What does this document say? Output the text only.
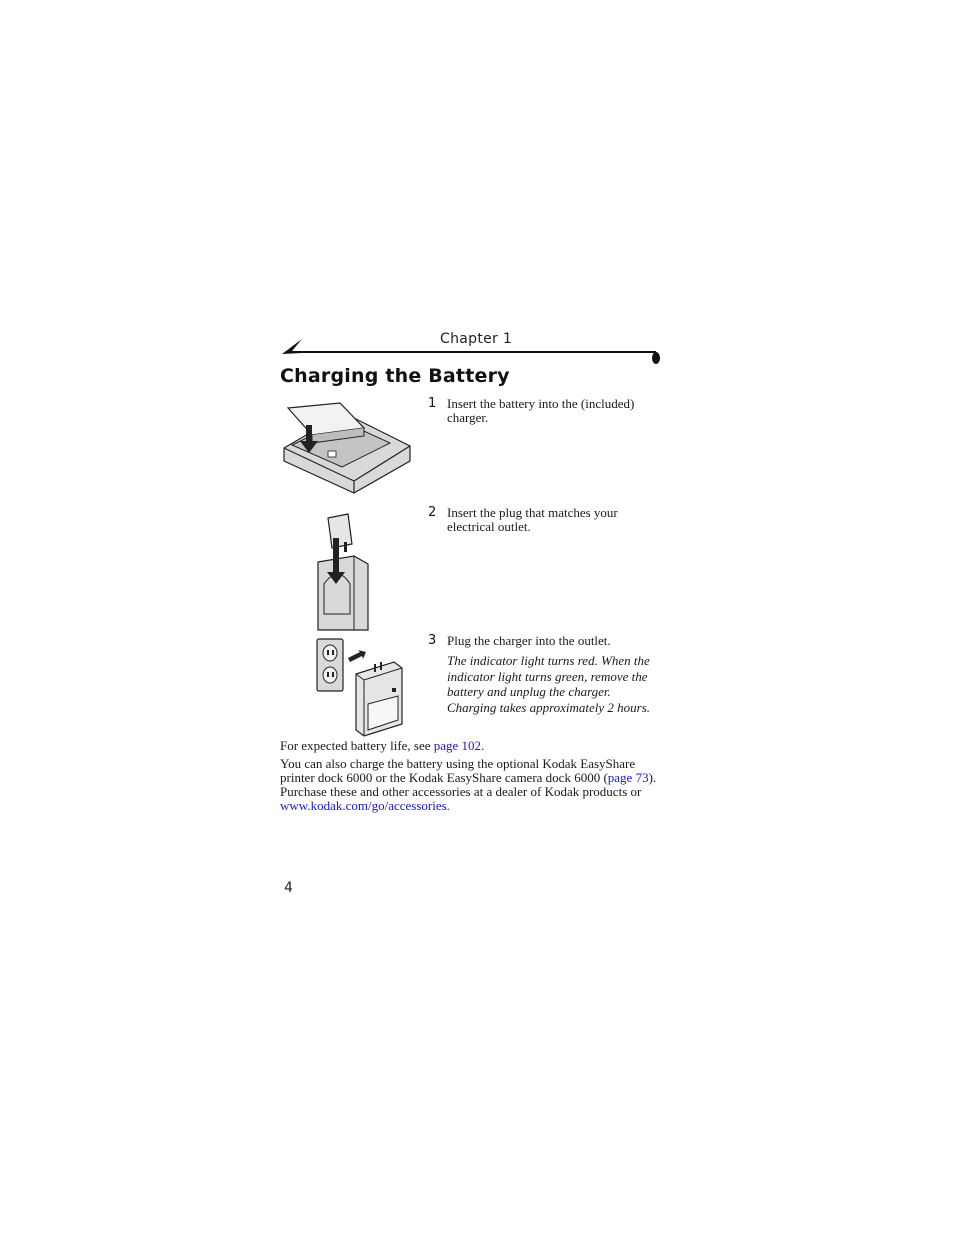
Chapter 1
Charging the Battery
1 Insert the battery into the (included) charger.
2 Insert the plug that matches your electrical outlet.
3 Plug the charger into the outlet.
The indicator light turns red. When the indicator light turns green, remove the battery and unplug the charger. Charging takes approximately 2 hours.

For expected battery life, see page 102.

You can also charge the battery using the optional Kodak EasyShare printer dock 6000 or the Kodak EasyShare camera dock 6000 (page 73). Purchase these and other accessories at a dealer of Kodak products or www.kodak.com/go/accessories.

4
